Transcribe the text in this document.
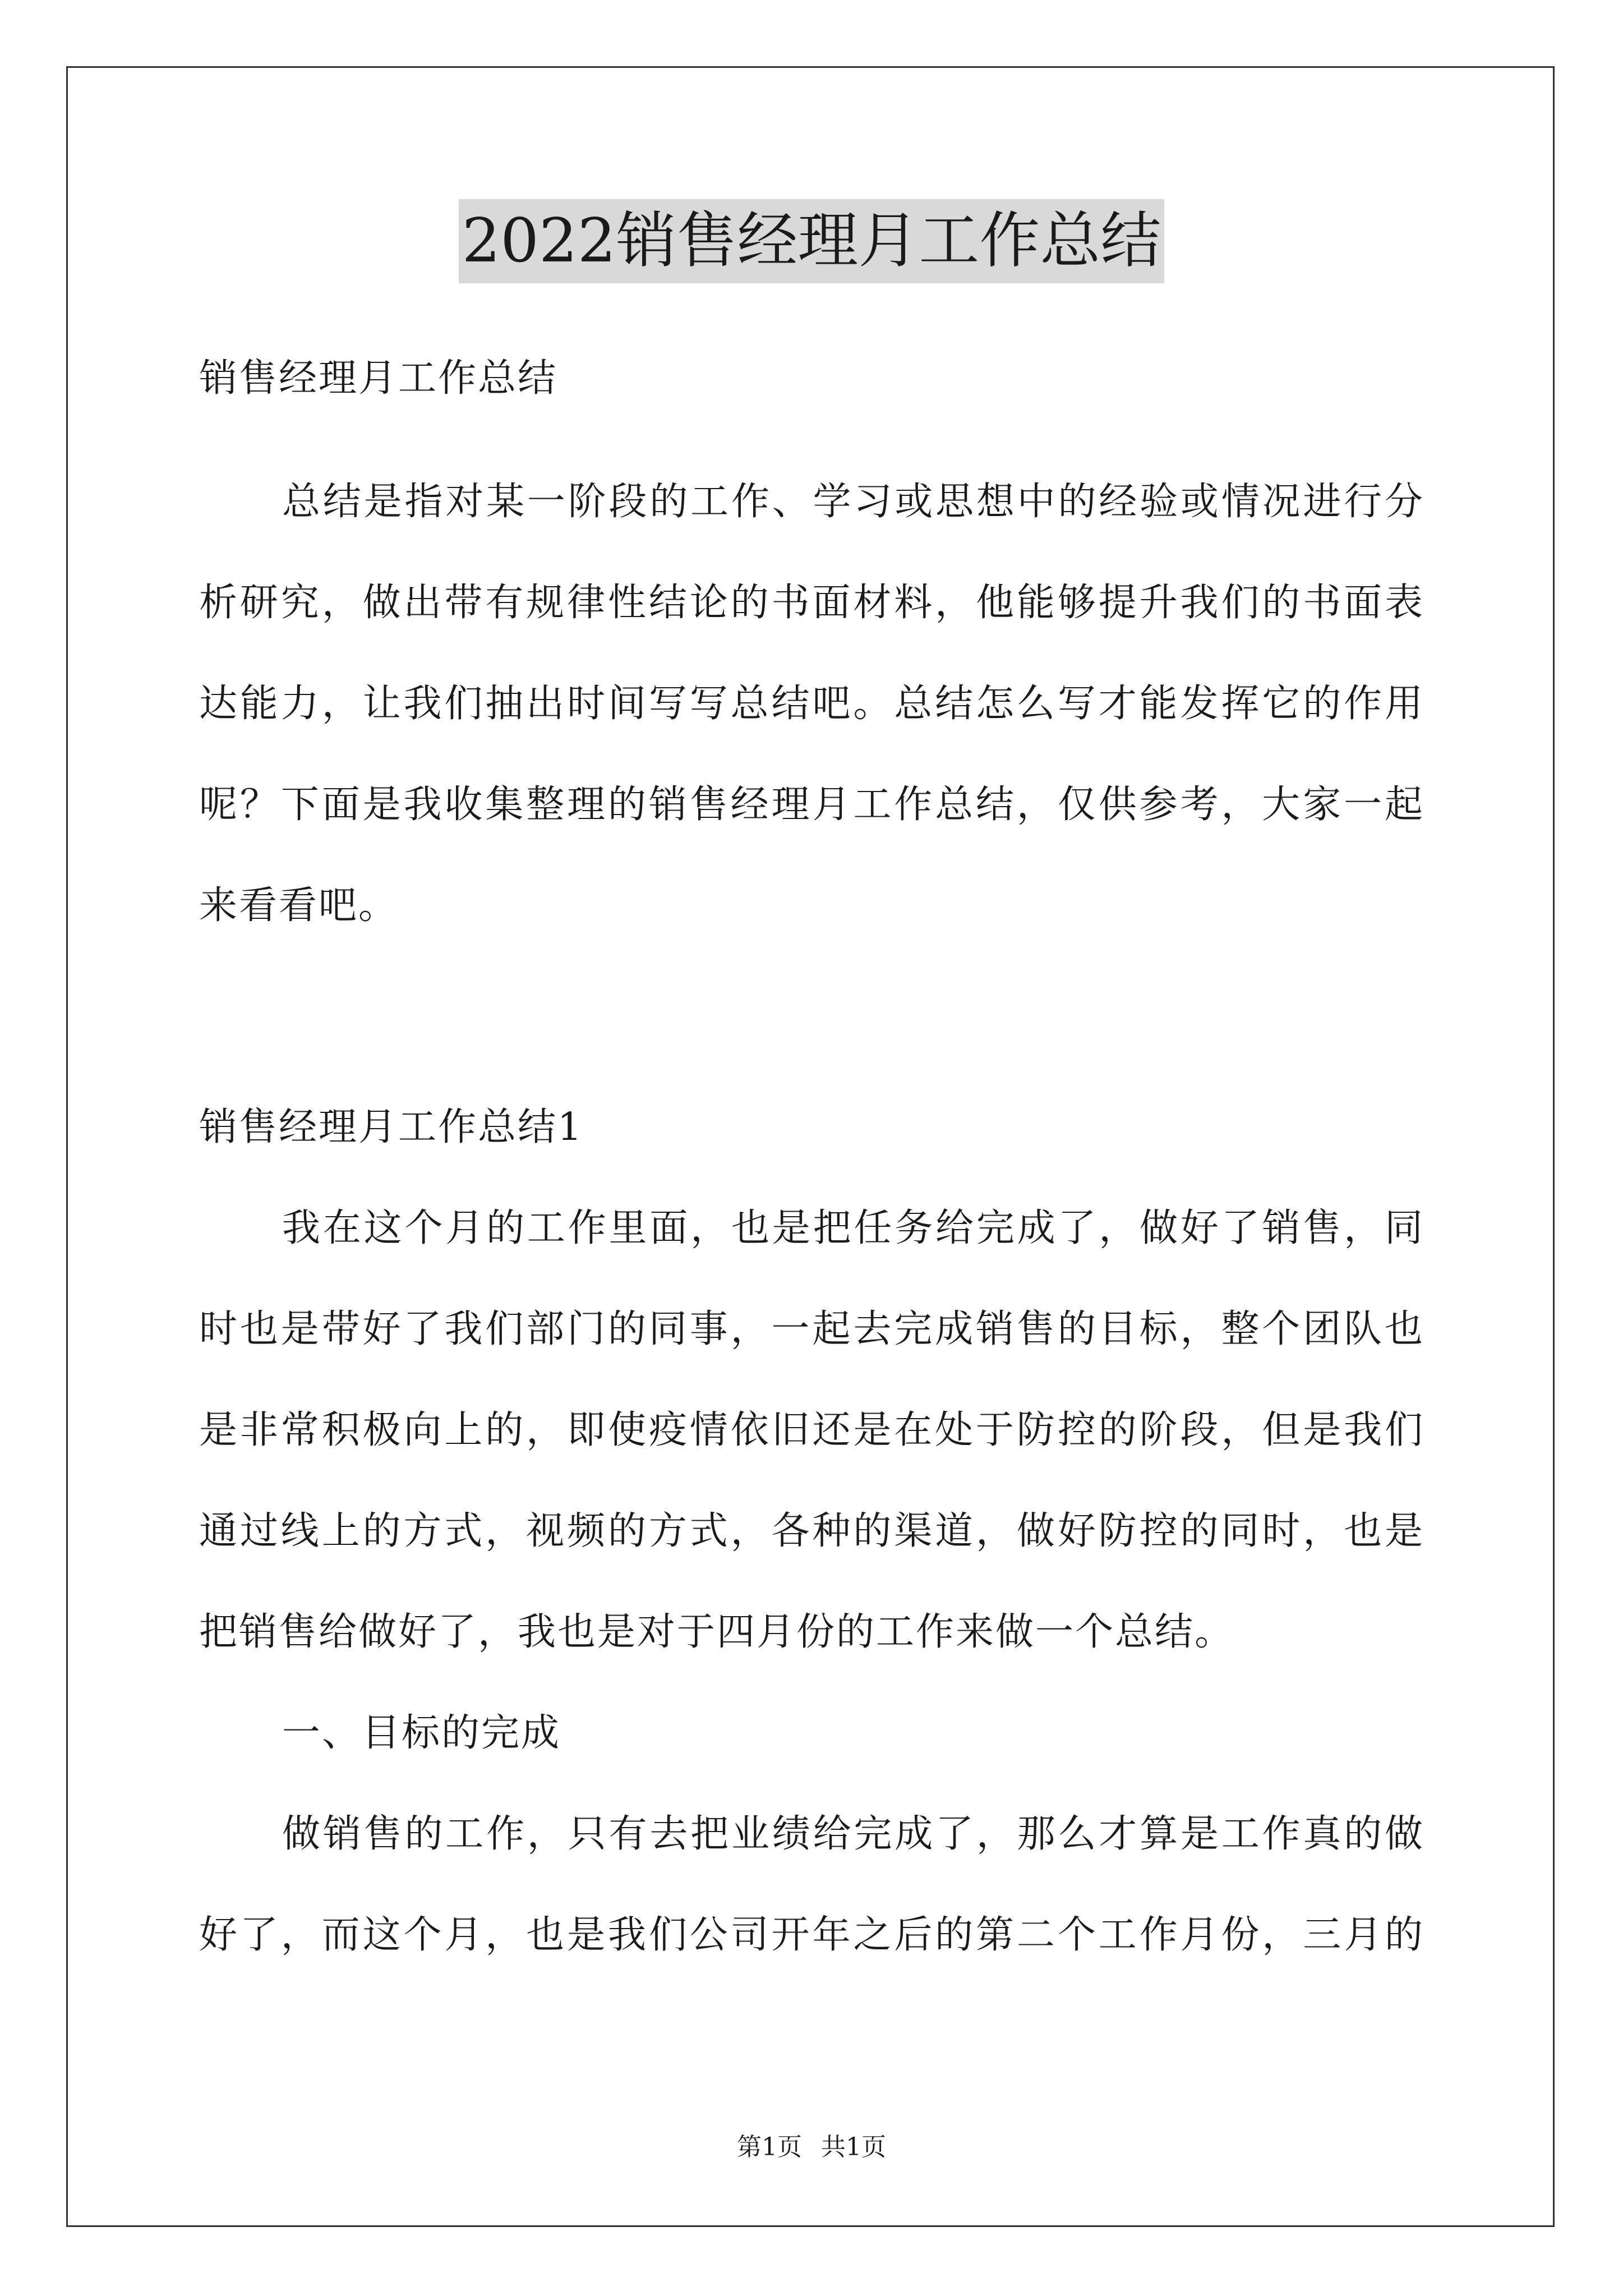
2022销售经理月工作总结
销售经理月工作总结
总结是指对某一阶段的工作、学习或思想中的经验或情况进行分
析研究，做出带有规律性结论的书面材料，他能够提升我们的书面表
达能力，让我们抽出时间写写总结吧。总结怎么写才能发挥它的作用
呢？下面是我收集整理的销售经理月工作总结，仅供参考，大家一起
来看看吧。
销售经理月工作总结1
我在这个月的工作里面，也是把任务给完成了，做好了销售，同
时也是带好了我们部门的同事，一起去完成销售的目标，整个团队也
是非常积极向上的，即使疫情依旧还是在处于防控的阶段，但是我们
通过线上的方式，视频的方式，各种的渠道，做好防控的同时，也是
把销售给做好了，我也是对于四月份的工作来做一个总结。
一、目标的完成
做销售的工作，只有去把业绩给完成了，那么才算是工作真的做
好了，而这个月，也是我们公司开年之后的第二个工作月份，三月的
第1页 共1页
